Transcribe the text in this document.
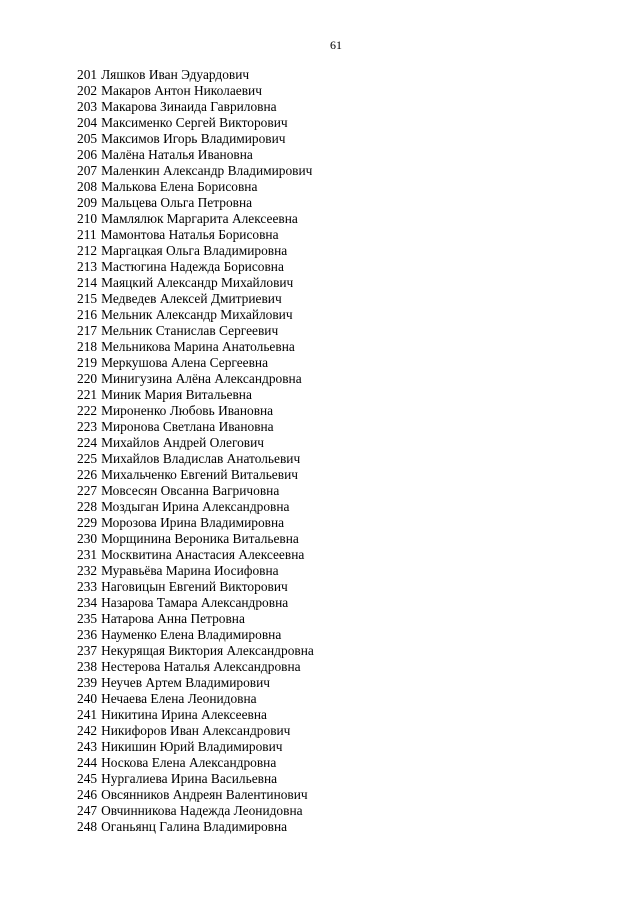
61
201 Ляшков Иван Эдуардович
202 Макаров Антон Николаевич
203 Макарова Зинаида Гавриловна
204 Максименко Сергей Викторович
205 Максимов Игорь Владимирович
206 Малёна Наталья Ивановна
207 Маленкин Александр Владимирович
208 Малькова Елена Борисовна
209 Мальцева Ольга Петровна
210 Мамлялюк Маргарита Алексеевна
211 Мамонтова Наталья Борисовна
212 Маргацкая Ольга Владимировна
213 Мастюгина Надежда Борисовна
214 Маяцкий Александр Михайлович
215 Медведев Алексей Дмитриевич
216 Мельник Александр Михайлович
217 Мельник Станислав Сергеевич
218 Мельникова Марина Анатольевна
219 Меркушова Алена Сергеевна
220 Минигузина Алёна Александровна
221 Миник Мария Витальевна
222 Мироненко Любовь Ивановна
223 Миронова Светлана Ивановна
224 Михайлов Андрей Олегович
225 Михайлов Владислав Анатольевич
226 Михальченко Евгений Витальевич
227 Мовсесян Овсанна Вагричовна
228 Моздыган Ирина Александровна
229 Морозова Ирина Владимировна
230 Морщинина Вероника Витальевна
231 Москвитина Анастасия Алексеевна
232 Муравьёва Марина Иосифовна
233 Наговицын Евгений Викторович
234 Назарова Тамара Александровна
235 Натарова Анна Петровна
236 Науменко Елена Владимировна
237 Некурящая Виктория Александровна
238 Нестерова Наталья Александровна
239 Неучев Артем Владимирович
240 Нечаева Елена Леонидовна
241 Никитина Ирина Алексеевна
242 Никифоров Иван Александрович
243 Никишин Юрий Владимирович
244 Носкова Елена Александровна
245 Нургалиева Ирина Васильевна
246 Овсянников Андреян Валентинович
247 Овчинникова Надежда Леонидовна
248 Оганьянц Галина Владимировна
